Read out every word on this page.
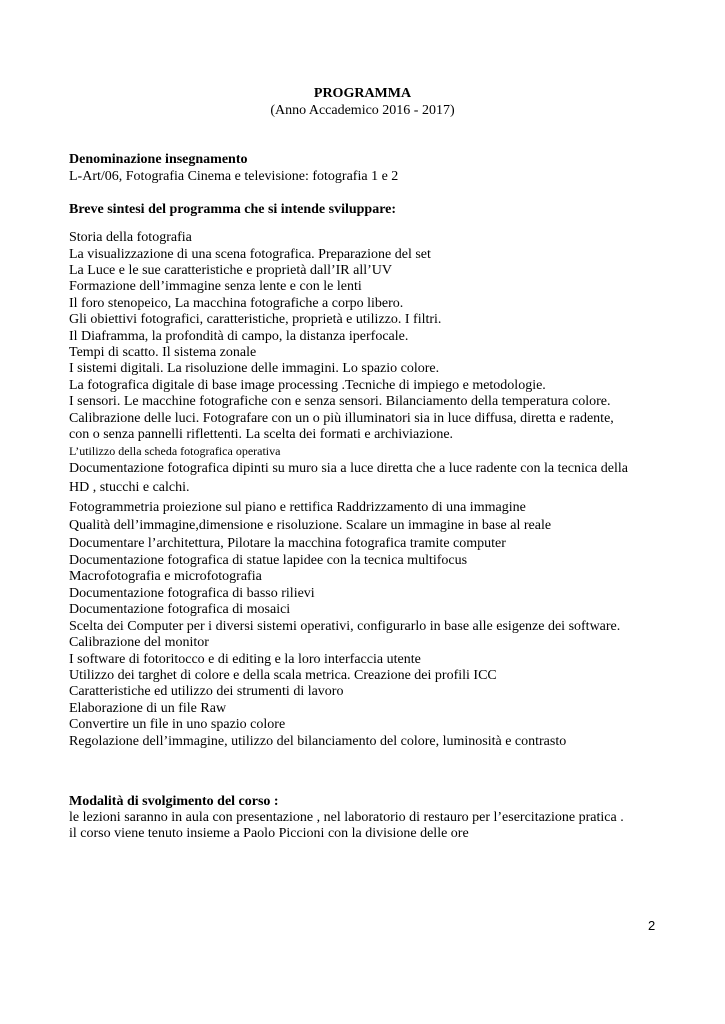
PROGRAMMA
(Anno Accademico 2016 - 2017)
Denominazione insegnamento
L-Art/06, Fotografia Cinema e televisione: fotografia 1 e 2
Breve sintesi del programma che si intende sviluppare:
Storia della fotografia
La visualizzazione di una scena fotografica. Preparazione del set
La Luce e le sue caratteristiche e proprietà dall’IR all’UV
Formazione dell’immagine senza lente e con le lenti
Il foro stenopeico, La macchina fotografiche a corpo libero.
Gli obiettivi fotografici, caratteristiche, proprietà e utilizzo. I filtri.
Il Diaframma, la profondità di campo, la distanza iperfocale.
Tempi di scatto. Il sistema zonale
I sistemi digitali. La risoluzione delle immagini. Lo spazio colore.
La fotografica digitale di base image processing .Tecniche di impiego e metodologie.
I sensori. Le macchine fotografiche con e senza sensori. Bilanciamento della temperatura colore.
Calibrazione delle luci. Fotografare con un o più illuminatori sia in luce diffusa, diretta e radente,
con o senza pannelli riflettenti. La scelta dei formati e archiviazione.
L’utilizzo della scheda fotografica operativa
Documentazione fotografica dipinti su muro sia a luce diretta che a luce radente con la tecnica della
HD , stucchi e calchi.
Fotogrammetria proiezione sul piano e rettifica Raddrizzamento di una immagine
Qualità dell’immagine,dimensione e risoluzione. Scalare un immagine in base al reale
Documentare l’architettura, Pilotare la macchina fotografica tramite computer
Documentazione fotografica di statue lapidee con la tecnica multifocus
Macrofotografia e microfotografia
Documentazione fotografica di basso rilievi
Documentazione fotografica di mosaici
Scelta dei Computer per i diversi sistemi operativi, configurarlo in base alle esigenze dei software.
Calibrazione del monitor
I software di fotoritocco e di editing e la loro interfaccia utente
Utilizzo dei targhet di colore e della scala metrica. Creazione dei profili ICC
Caratteristiche ed utilizzo dei strumenti di lavoro
Elaborazione di un file Raw
Convertire un file in uno spazio colore
Regolazione dell’immagine, utilizzo del bilanciamento del colore, luminosità e contrasto
Modalità di svolgimento del corso :
le lezioni saranno in aula con presentazione , nel laboratorio di restauro per l’esercitazione pratica .
il corso viene tenuto insieme a Paolo Piccioni con la divisione delle ore
2
